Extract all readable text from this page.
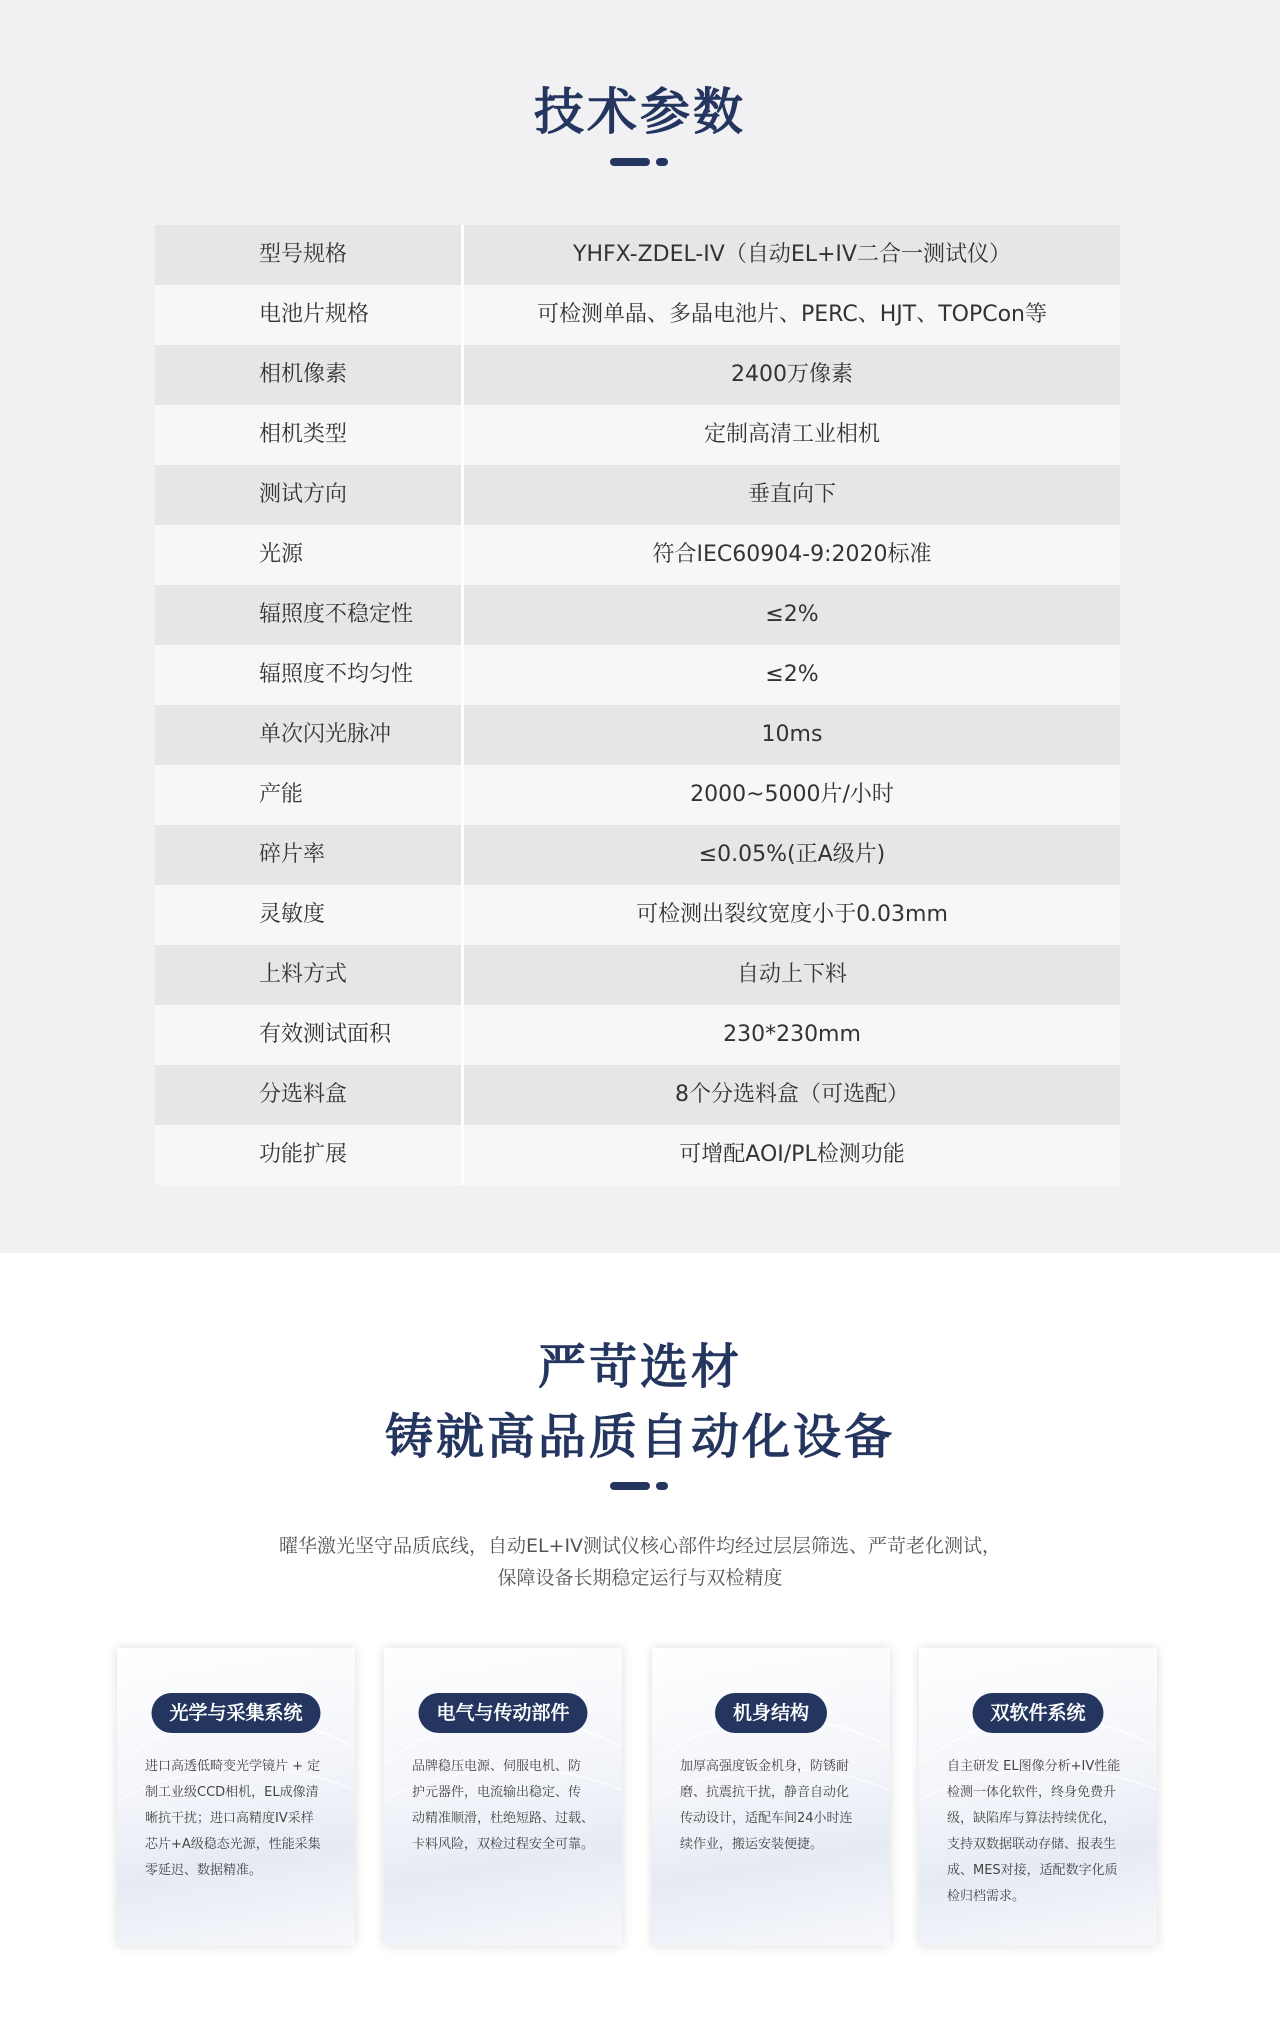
技术参数
型号规格	YHFX-ZDEL-IV（自动EL+IV二合一测试仪）
电池片规格	可检测单晶、多晶电池片、PERC、HJT、TOPCon等
相机像素	2400万像素
相机类型	定制高清工业相机
测试方向	垂直向下
光源	符合IEC60904-9:2020标准
辐照度不稳定性	≤2%
辐照度不均匀性	≤2%
单次闪光脉冲	10ms
产能	2000~5000片/小时
碎片率	≤0.05%(正A级片)
灵敏度	可检测出裂纹宽度小于0.03mm
上料方式	自动上下料
有效测试面积	230*230mm
分选料盒	8个分选料盒（可选配）
功能扩展	可增配AOI/PL检测功能
严苛选材
铸就高品质自动化设备
曜华激光坚守品质底线，自动EL+IV测试仪核心部件均经过层层筛选、严苛老化测试，
保障设备长期稳定运行与双检精度
光学与采集系统
进口高透低畸变光学镜片 + 定
制工业级CCD相机，EL成像清
晰抗干扰；进口高精度IV采样
芯片+A级稳态光源，性能采集
零延迟、数据精准。
电气与传动部件
品牌稳压电源、伺服电机、防
护元器件，电流输出稳定、传
动精准顺滑，杜绝短路、过载、
卡料风险，双检过程安全可靠。
机身结构
加厚高强度钣金机身，防锈耐
磨、抗震抗干扰，静音自动化
传动设计，适配车间24小时连
续作业，搬运安装便捷。
双软件系统
自主研发 EL图像分析+IV性能
检测一体化软件，终身免费升
级，缺陷库与算法持续优化，
支持双数据联动存储、报表生
成、MES对接，适配数字化质
检归档需求。
